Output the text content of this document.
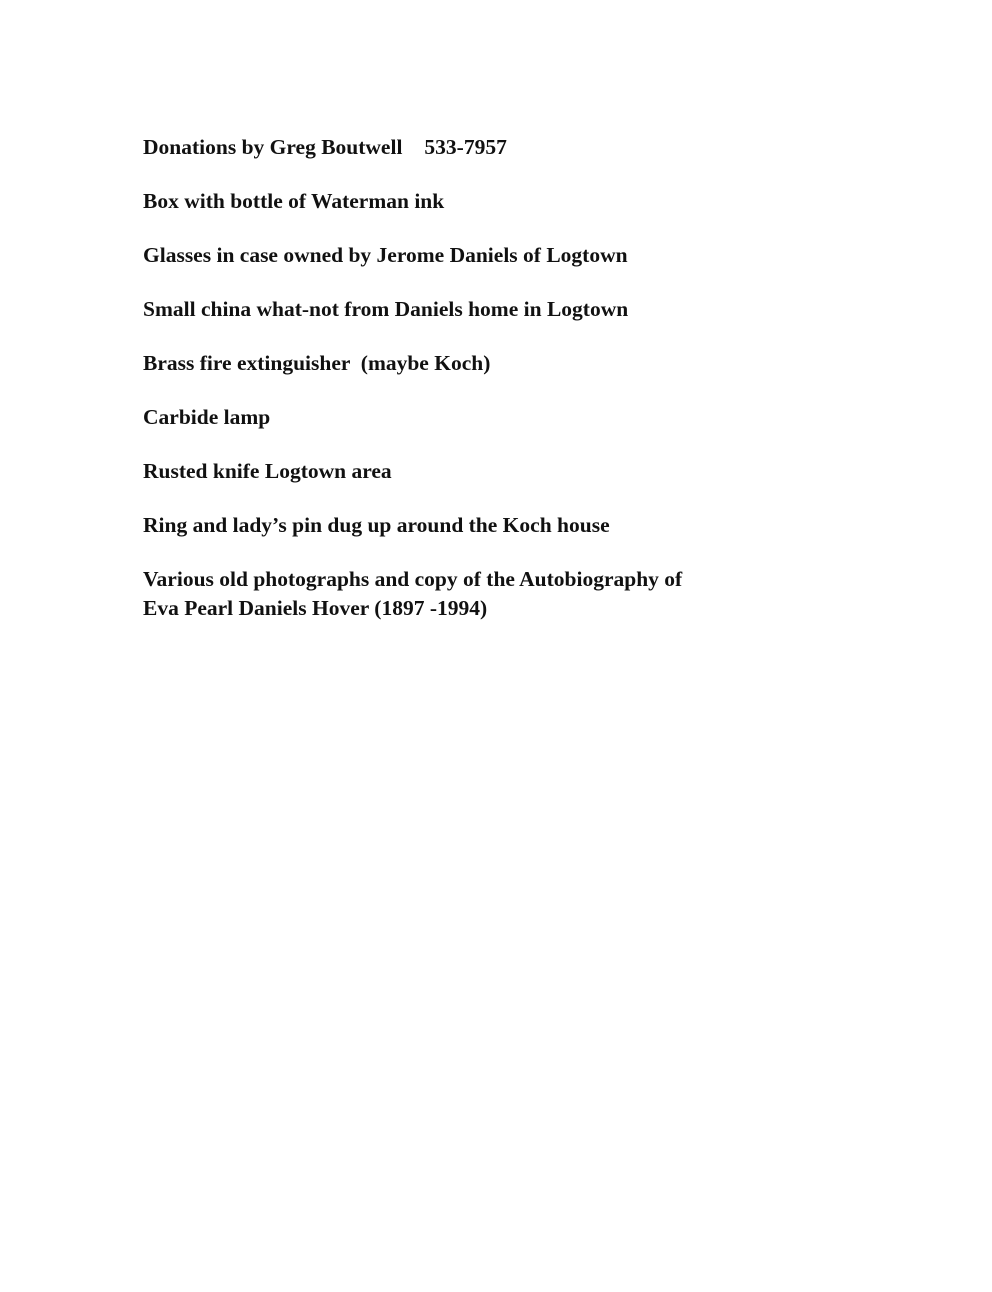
Donations by Greg Boutwell 533-7957
Box with bottle of Waterman ink
Glasses in case owned by Jerome Daniels of Logtown
Small china what-not from Daniels home in Logtown
Brass fire extinguisher  (maybe Koch)
Carbide lamp
Rusted knife Logtown area
Ring and lady’s pin dug up around the Koch house
Various old photographs and copy of the Autobiography of
Eva Pearl Daniels Hover (1897 -1994)
